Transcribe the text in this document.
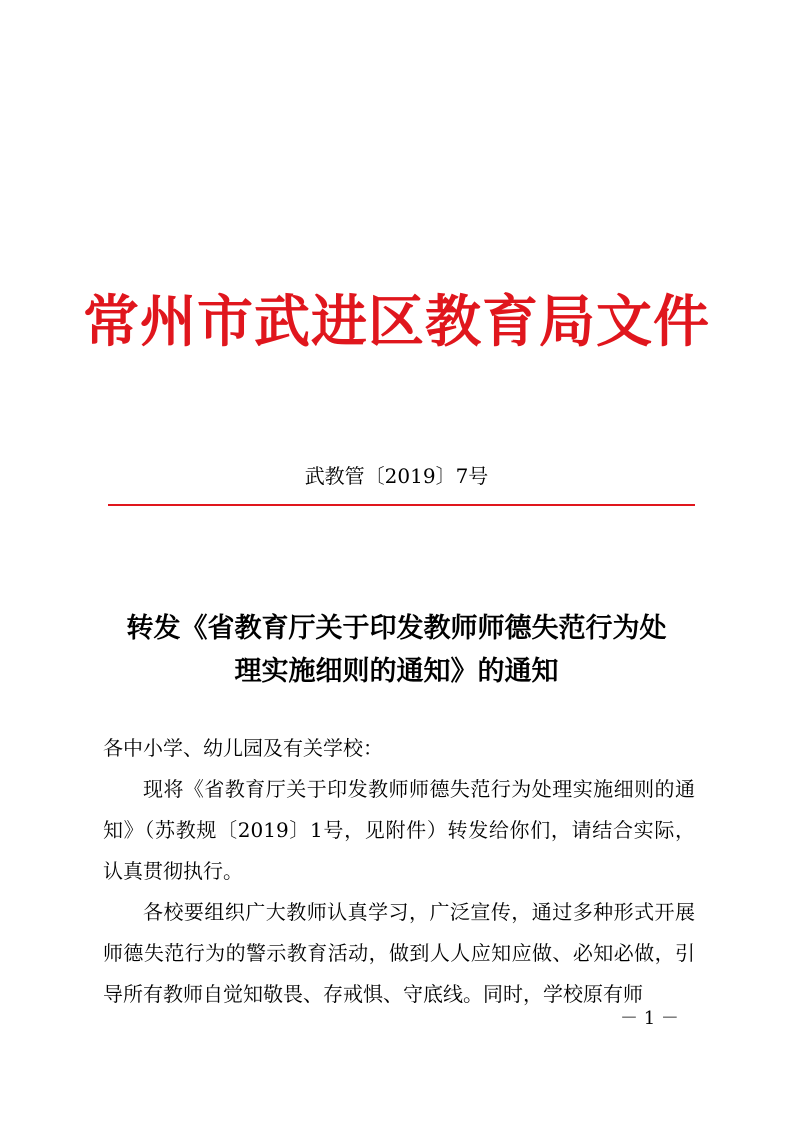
常州市武进区教育局文件
武教管〔2019〕7号
转发《省教育厅关于印发教师师德失范行为处
理实施细则的通知》的通知

各中小学、幼儿园及有关学校：

现将《省教育厅关于印发教师师德失范行为处理实施细则的通知》（苏教规〔2019〕1号，见附件）转发给你们，请结合实际，认真贯彻执行。

各校要组织广大教师认真学习，广泛宣传，通过多种形式开展师德失范行为的警示教育活动，做到人人应知应做、必知必做，引导所有教师自觉知敬畏、存戒惧、守底线。同时，学校原有师

－ 1 －
